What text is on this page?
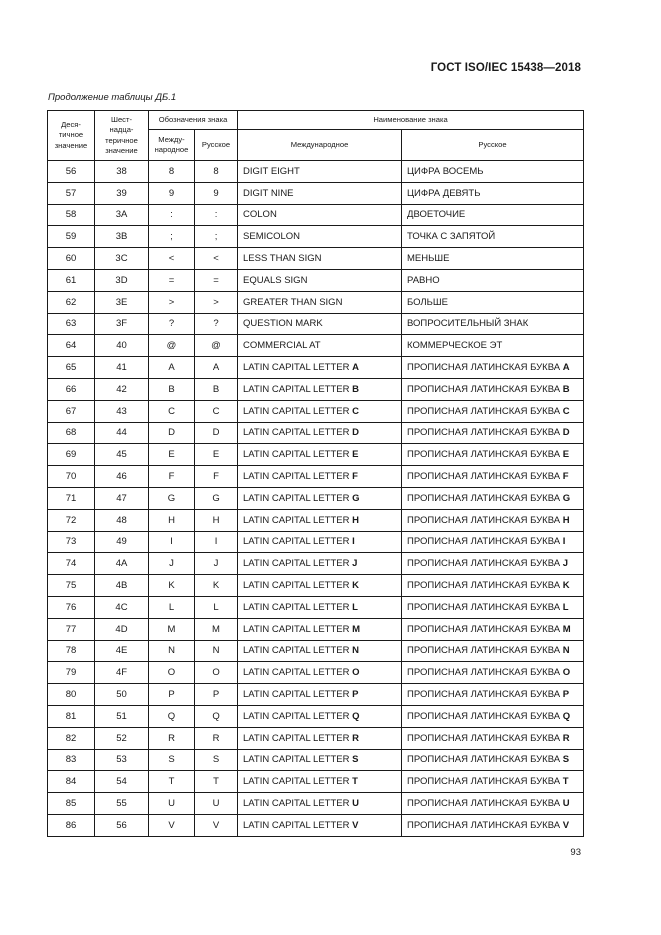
ГОСТ ISO/IEC 15438—2018
Продолжение таблицы ДБ.1
Деся-
тичное
значение	Шест-
надца-
теричное
значение	Обозначения знака		Наименование знака	
		Между-
народное	Русское	Международное	Русское
56	38	8	8	DIGIT EIGHT	ЦИФРА ВОСЕМЬ
57	39	9	9	DIGIT NINE	ЦИФРА ДЕВЯТЬ
58	3A	:	:	COLON	ДВОЕТОЧИЕ
59	3B	;	;	SEMICOLON	ТОЧКА С ЗАПЯТОЙ
60	3C	<	<	LESS THAN SIGN	МЕНЬШЕ
61	3D	=	=	EQUALS SIGN	РАВНО
62	3E	>	>	GREATER THAN SIGN	БОЛЬШЕ
63	3F	?	?	QUESTION MARK	ВОПРОСИТЕЛЬНЫЙ ЗНАК
64	40	@	@	COMMERCIAL AT	КОММЕРЧЕСКОЕ ЭТ
65	41	A	A	LATIN CAPITAL LETTER A	ПРОПИСНАЯ ЛАТИНСКАЯ БУКВА A
66	42	B	B	LATIN CAPITAL LETTER B	ПРОПИСНАЯ ЛАТИНСКАЯ БУКВА B
67	43	C	C	LATIN CAPITAL LETTER C	ПРОПИСНАЯ ЛАТИНСКАЯ БУКВА C
68	44	D	D	LATIN CAPITAL LETTER D	ПРОПИСНАЯ ЛАТИНСКАЯ БУКВА D
69	45	E	E	LATIN CAPITAL LETTER E	ПРОПИСНАЯ ЛАТИНСКАЯ БУКВА E
70	46	F	F	LATIN CAPITAL LETTER F	ПРОПИСНАЯ ЛАТИНСКАЯ БУКВА F
71	47	G	G	LATIN CAPITAL LETTER G	ПРОПИСНАЯ ЛАТИНСКАЯ БУКВА G
72	48	H	H	LATIN CAPITAL LETTER H	ПРОПИСНАЯ ЛАТИНСКАЯ БУКВА H
73	49	I	I	LATIN CAPITAL LETTER I	ПРОПИСНАЯ ЛАТИНСКАЯ БУКВА I
74	4A	J	J	LATIN CAPITAL LETTER J	ПРОПИСНАЯ ЛАТИНСКАЯ БУКВА J
75	4B	K	K	LATIN CAPITAL LETTER K	ПРОПИСНАЯ ЛАТИНСКАЯ БУКВА K
76	4C	L	L	LATIN CAPITAL LETTER L	ПРОПИСНАЯ ЛАТИНСКАЯ БУКВА L
77	4D	M	M	LATIN CAPITAL LETTER M	ПРОПИСНАЯ ЛАТИНСКАЯ БУКВА M
78	4E	N	N	LATIN CAPITAL LETTER N	ПРОПИСНАЯ ЛАТИНСКАЯ БУКВА N
79	4F	O	O	LATIN CAPITAL LETTER O	ПРОПИСНАЯ ЛАТИНСКАЯ БУКВА O
80	50	P	P	LATIN CAPITAL LETTER P	ПРОПИСНАЯ ЛАТИНСКАЯ БУКВА P
81	51	Q	Q	LATIN CAPITAL LETTER Q	ПРОПИСНАЯ ЛАТИНСКАЯ БУКВА Q
82	52	R	R	LATIN CAPITAL LETTER R	ПРОПИСНАЯ ЛАТИНСКАЯ БУКВА R
83	53	S	S	LATIN CAPITAL LETTER S	ПРОПИСНАЯ ЛАТИНСКАЯ БУКВА S
84	54	T	T	LATIN CAPITAL LETTER T	ПРОПИСНАЯ ЛАТИНСКАЯ БУКВА T
85	55	U	U	LATIN CAPITAL LETTER U	ПРОПИСНАЯ ЛАТИНСКАЯ БУКВА U
86	56	V	V	LATIN CAPITAL LETTER V	ПРОПИСНАЯ ЛАТИНСКАЯ БУКВА V
93
